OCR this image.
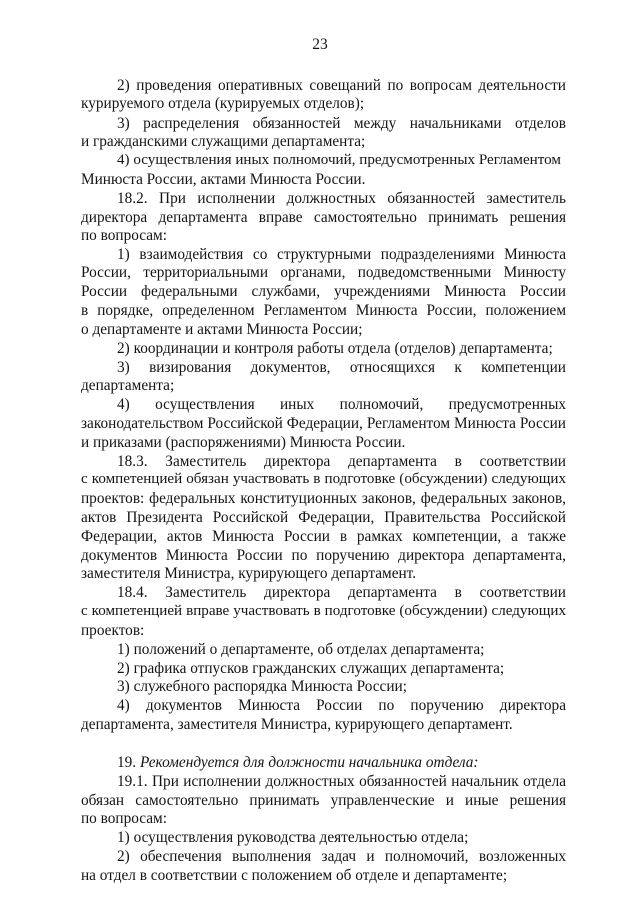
23
2) проведения оперативных совещаний по вопросам деятельности
курируемого отдела (курируемых отделов);
3) распределения обязанностей между начальниками отделов
и гражданскими служащими департамента;
4) осуществления иных полномочий, предусмотренных Регламентом
Минюста России, актами Минюста России.
18.2. При исполнении должностных обязанностей заместитель
директора департамента вправе самостоятельно принимать решения
по вопросам:
1) взаимодействия со структурными подразделениями Минюста
России, территориальными органами, подведомственными Минюсту
России федеральными службами, учреждениями Минюста России
в порядке, определенном Регламентом Минюста России, положением
о департаменте и актами Минюста России;
2) координации и контроля работы отдела (отделов) департамента;
3) визирования документов, относящихся к компетенции
департамента;
4) осуществления иных полномочий, предусмотренных
законодательством Российской Федерации, Регламентом Минюста России
и приказами (распоряжениями) Минюста России.
18.3. Заместитель директора департамента в соответствии
с компетенцией обязан участвовать в подготовке (обсуждении) следующих
проектов: федеральных конституционных законов, федеральных законов,
актов Президента Российской Федерации, Правительства Российской
Федерации, актов Минюста России в рамках компетенции, а также
документов Минюста России по поручению директора департамента,
заместителя Министра, курирующего департамент.
18.4. Заместитель директора департамента в соответствии
с компетенцией вправе участвовать в подготовке (обсуждении) следующих
проектов:
1) положений о департаменте, об отделах департамента;
2) графика отпусков гражданских служащих департамента;
3) служебного распорядка Минюста России;
4) документов Минюста России по поручению директора
департамента, заместителя Министра, курирующего департамент.
19. Рекомендуется для должности начальника отдела:
19.1. При исполнении должностных обязанностей начальник отдела
обязан самостоятельно принимать управленческие и иные решения
по вопросам:
1) осуществления руководства деятельностью отдела;
2) обеспечения выполнения задач и полномочий, возложенных
на отдел в соответствии с положением об отделе и департаменте;
